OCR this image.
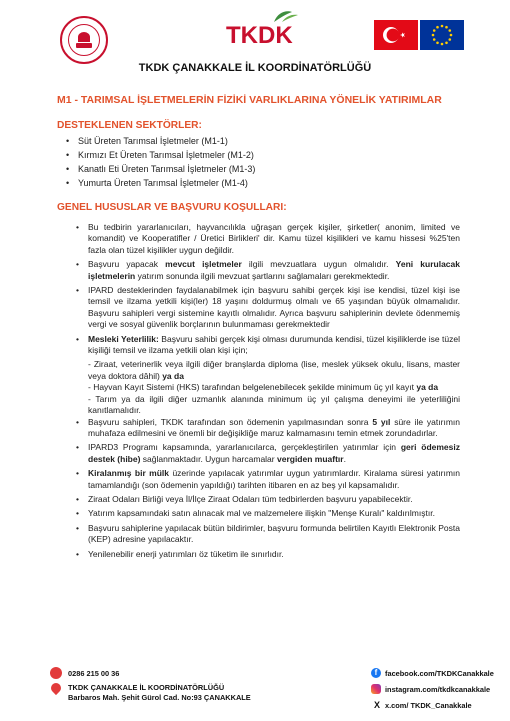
TKDK
TKDK ÇANAKKALE İL KOORDİNATÖRLÜĞÜ
M1 - TARIMSAL İŞLETMELERİN FİZİKİ VARLIKLARINA YÖNELİK YATIRIMLAR
DESTEKLENEN SEKTÖRLER:
• Süt Üreten Tarımsal İşletmeler (M1-1)
• Kırmızı Et Üreten Tarımsal İşletmeler (M1-2)
• Kanatlı Eti Üreten Tarımsal İşletmeler (M1-3)
• Yumurta Üreten Tarımsal İşletmeler (M1-4)
GENEL HUSUSLAR VE BAŞVURU KOŞULLARI:
• Bu tedbirin yararlanıcıları, hayvancılıkla uğraşan gerçek kişiler, şirketler( anonim, limited ve komandit) ve Kooperatifler / Üretici Birlikleri' dir. Kamu tüzel kişilikleri ve kamu hissesi %25'ten fazla olan tüzel kişilikler uygun değildir.
• Başvuru yapacak mevcut işletmeler ilgili mevzuatlara uygun olmalıdır. Yeni kurulacak işletmelerin yatırım sonunda ilgili mevzuat şartlarını sağlamaları gerekmektedir.
• IPARD desteklerinden faydalanabilmek için başvuru sahibi gerçek kişi ise kendisi, tüzel kişi ise temsil ve ilzama yetkili kişi(ler) 18 yaşını doldurmuş olmalı ve 65 yaşından büyük olmamalıdır. Başvuru sahipleri vergi sistemine kayıtlı olmalıdır. Ayrıca başvuru sahiplerinin devlete ödenmemiş vergi ve sosyal güvenlik borçlarının bulunmaması gerekmektedir
• Mesleki Yeterlilik: Başvuru sahibi gerçek kişi olması durumunda kendisi, tüzel kişiliklerde ise tüzel kişiliği temsil ve ilzama yetkili olan kişi için;
- Ziraat, veterinerlik veya ilgili diğer branşlarda diploma (lise, meslek yüksek okulu, lisans, master veya doktora dâhil) ya da
- Hayvan Kayıt Sistemi (HKS) tarafından belgelenebilecek şekilde minimum üç yıl kayıt ya da
- Tarım ya da ilgili diğer uzmanlık alanında minimum üç yıl çalışma deneyimi ile yeterliliğini kanıtlamalıdır.
• Başvuru sahipleri, TKDK tarafından son ödemenin yapılmasından sonra 5 yıl süre ile yatırımın muhafaza edilmesini ve önemli bir değişikliğe maruz kalmamasını temin etmek zorundadırlar.
• IPARD3 Programı kapsamında, yararlanıcılarca, gerçekleştirilen yatırımlar için geri ödemesiz destek (hibe) sağlanmaktadır. Uygun harcamalar vergiden muaftır.
• Kiralanmış bir mülk üzerinde yapılacak yatırımlar uygun yatırımlardır. Kiralama süresi yatırımın tamamlandığı (son ödemenin yapıldığı) tarihten itibaren en az beş yıl kapsamalıdır.
• Ziraat Odaları Birliği veya İl/İlçe Ziraat Odaları tüm tedbirlerden başvuru yapabilecektir.
• Yatırım kapsamındaki satın alınacak mal ve malzemelere ilişkin "Menşe Kuralı" kaldırılmıştır.
• Başvuru sahiplerine yapılacak bütün bildirimler, başvuru formunda belirtilen Kayıtlı Elektronik Posta (KEP) adresine yapılacaktır.
• Yenilenebilir enerji yatırımları öz tüketim ile sınırlıdır.
0286 215 00 36
TKDK ÇANAKKALE İL KOORDİNATÖRLÜĞÜ
Barbaros Mah. Şehit Gürol Cad. No:93 ÇANAKKALE
f	facebook.com/TKDKCanakkale
instagram.com/tkdkcanakkale
X x.com/ TKDK_Canakkale
